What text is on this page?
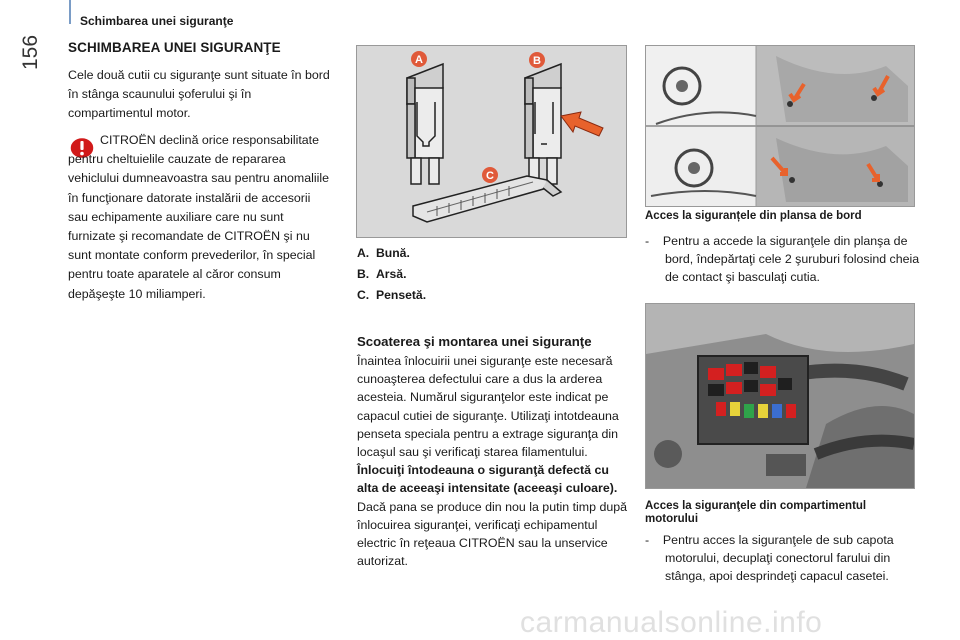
156
Schimbarea unei siguranţe
SCHIMBAREA UNEI SIGURANŢE
Cele două cutii cu siguranţe sunt situate în bord în stânga scaunului şoferului şi în compartimentul motor.
CITROËN declină orice responsabilitate pentru cheltuielile cauzate de repararea vehiclului dumneavoastra sau pentru anomaliile în funcţionare datorate instalării de accesorii sau echipamente auxiliare care nu sunt furnizate şi recomandate de CITROËN şi nu sunt montate conform prevederilor, în special pentru toate aparatele al căror consum depăşeşte 10 miliamperi.
A	B
C
A. Bună.
B. Arsă.
C. Pensetă.
Scoaterea şi montarea unei siguranţe
Înaintea înlocuirii unei siguranţe este necesară cunoaşterea defectului care a dus la arderea acesteia. Numărul siguranţelor este indicat pe capacul cutiei de siguranţe. Utilizaţi intotdeauna penseta speciala pentru a extrage siguranţa din locaşul sau şi verificaţi starea filamentului.
Înlocuiţi întodeauna o siguranţă defectă cu alta de aceeaşi intensitate (aceeaşi culoare).
Dacă pana se produce din nou la putin timp după înlocuirea siguranţei, verificaţi echipamentul electric în reţeaua CITROËN sau la unservice autorizat.
Acces la siguranțele din plansa de bord
- Pentru a accede la siguranţele din planşa de bord, îndepărtaţi cele 2 şuruburi folosind cheia de contact şi basculaţi cutia.
Acces la siguranţele din compartimentul motorului
- Pentru acces la siguranţele de sub capota motorului, decuplaţi conectorul farului din stânga, apoi desprindeţi capacul casetei.
carmanualsonline.info
